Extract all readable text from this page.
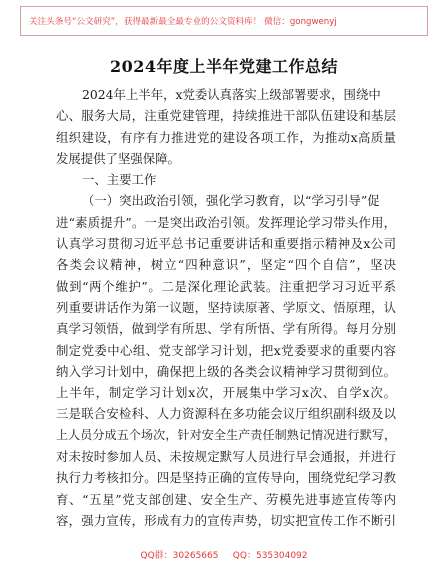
关注头条号“公文研究”，获得最新最全最专业的公文资料库！ 微信：gongwenyj
2024年度上半年党建工作总结
2024年上半年，x党委认真落实上级部署要求，围绕中
心、服务大局，注重党建管理，持续推进干部队伍建设和基层
组织建设，有序有力推进党的建设各项工作，为推动x高质量
发展提供了坚强保障。
一、主要工作
（一）突出政治引领，强化学习教育，以“学习引导”促
进“素质提升”。一是突出政治引领。发挥理论学习带头作用，
认真学习贯彻习近平总书记重要讲话和重要指示精神及x公司
各类会议精神，树立“四种意识”，坚定“四个自信”，坚决
做到“两个维护”。二是深化理论武装。注重把学习习近平系
列重要讲话作为第一议题，坚持读原著、学原文、悟原理，认
真学习领悟，做到学有所思、学有所悟、学有所得。每月分别
制定党委中心组、党支部学习计划，把x党委要求的重要内容
纳入学习计划中，确保把上级的各类会议精神学习贯彻到位。
上半年，制定学习计划x次，开展集中学习x次、自学x次。
三是联合安检科、人力资源科在多功能会议厅组织副科级及以
上人员分成五个场次，针对安全生产责任制熟记情况进行默写，
对未按时参加人员、未按规定默写人员进行早会通报，并进行
执行力考核扣分。四是坚持正确的宣传导向，围绕党纪学习教
育、“五星”党支部创建、安全生产、劳模先进事迹宣传等内
容，强力宣传，形成有力的宣传声势，切实把宣传工作不断引
QQ群：30265665 QQ：535304092
